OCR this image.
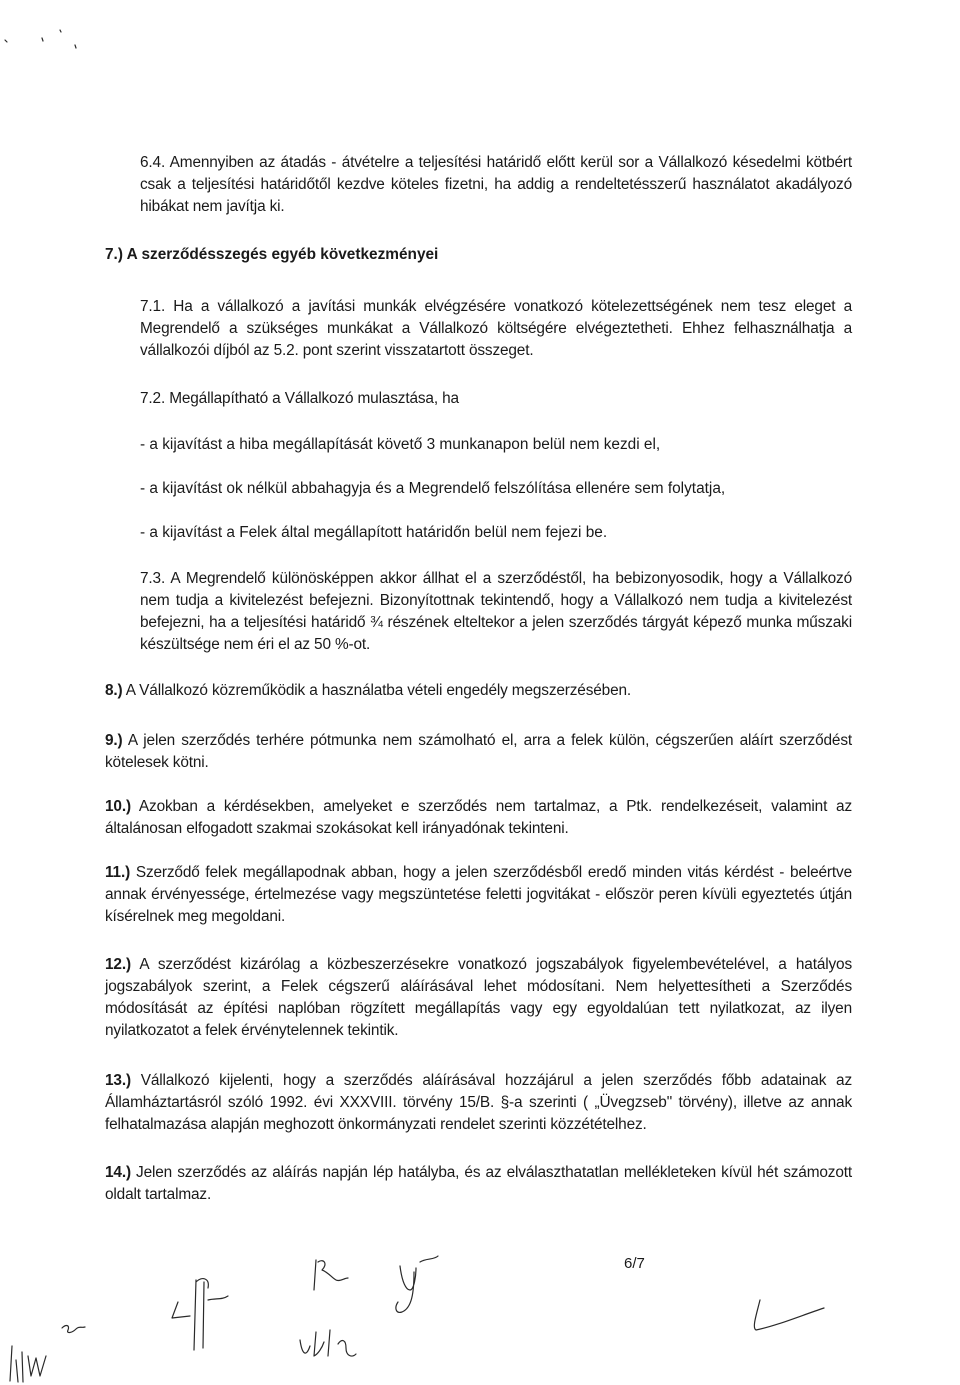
6.4. Amennyiben az átadás - átvételre a teljesítési határidő előtt kerül sor a Vállalkozó késedelmi kötbért csak a teljesítési határidőtől kezdve köteles fizetni, ha addig a rendeltetésszerű használatot akadályozó hibákat nem javítja ki.

7.) A szerződésszegés egyéb következményei

7.1. Ha a vállalkozó a javítási munkák elvégzésére vonatkozó kötelezettségének nem tesz eleget a Megrendelő a szükséges munkákat a Vállalkozó költségére elvégeztetheti. Ehhez felhasználhatja a vállalkozói díjból az 5.2. pont szerint visszatartott összeget.

7.2. Megállapítható a Vállalkozó mulasztása, ha

- a kijavítást a hiba megállapítását követő 3 munkanapon belül nem kezdi el,
- a kijavítást ok nélkül abbahagyja és a Megrendelő felszólítása ellenére sem folytatja,
- a kijavítást a Felek által megállapított határidőn belül nem fejezi be.

7.3. A Megrendelő különösképpen akkor állhat el a szerződéstől, ha bebizonyosodik, hogy a Vállalkozó nem tudja a kivitelezést befejezni. Bizonyítottnak tekintendő, hogy a Vállalkozó nem tudja a kivitelezést befejezni, ha a teljesítési határidő ¾ részének elteltekor a jelen szerződés tárgyát képező munka műszaki készültsége nem éri el az 50 %-ot.

8.) A Vállalkozó közreműködik a használatba vételi engedély megszerzésében.

9.) A jelen szerződés terhére pótmunka nem számolható el, arra a felek külön, cégszerűen aláírt szerződést kötelesek kötni.

10.) Azokban a kérdésekben, amelyeket e szerződés nem tartalmaz, a Ptk. rendelkezéseit, valamint az általánosan elfogadott szakmai szokásokat kell irányadónak tekinteni.

11.) Szerződő felek megállapodnak abban, hogy a jelen szerződésből eredő minden vitás kérdést - beleértve annak érvényessége, értelmezése vagy megszüntetése feletti jogvitákat - először peren kívüli egyeztetés útján kísérelnek meg megoldani.

12.) A szerződést kizárólag a közbeszerzésekre vonatkozó jogszabályok figyelembevételével, a hatályos jogszabályok szerint, a Felek cégszerű aláírásával lehet módosítani. Nem helyettesítheti a Szerződés módosítását az építési naplóban rögzített megállapítás vagy egy egyoldalúan tett nyilatkozat, az ilyen nyilatkozatot a felek érvénytelennek tekintik.

13.) Vállalkozó kijelenti, hogy a szerződés aláírásával hozzájárul a jelen szerződés főbb adatainak az Államháztartásról szóló 1992. évi XXXVIII. törvény 15/B. §-a szerinti ( „Üvegzseb" törvény), illetve az annak felhatalmazása alapján meghozott önkormányzati rendelet szerinti közzétételhez.

14.) Jelen szerződés az aláírás napján lép hatályba, és az elválaszthatatlan mellékleteken kívül hét számozott oldalt tartalmaz.

6/7
